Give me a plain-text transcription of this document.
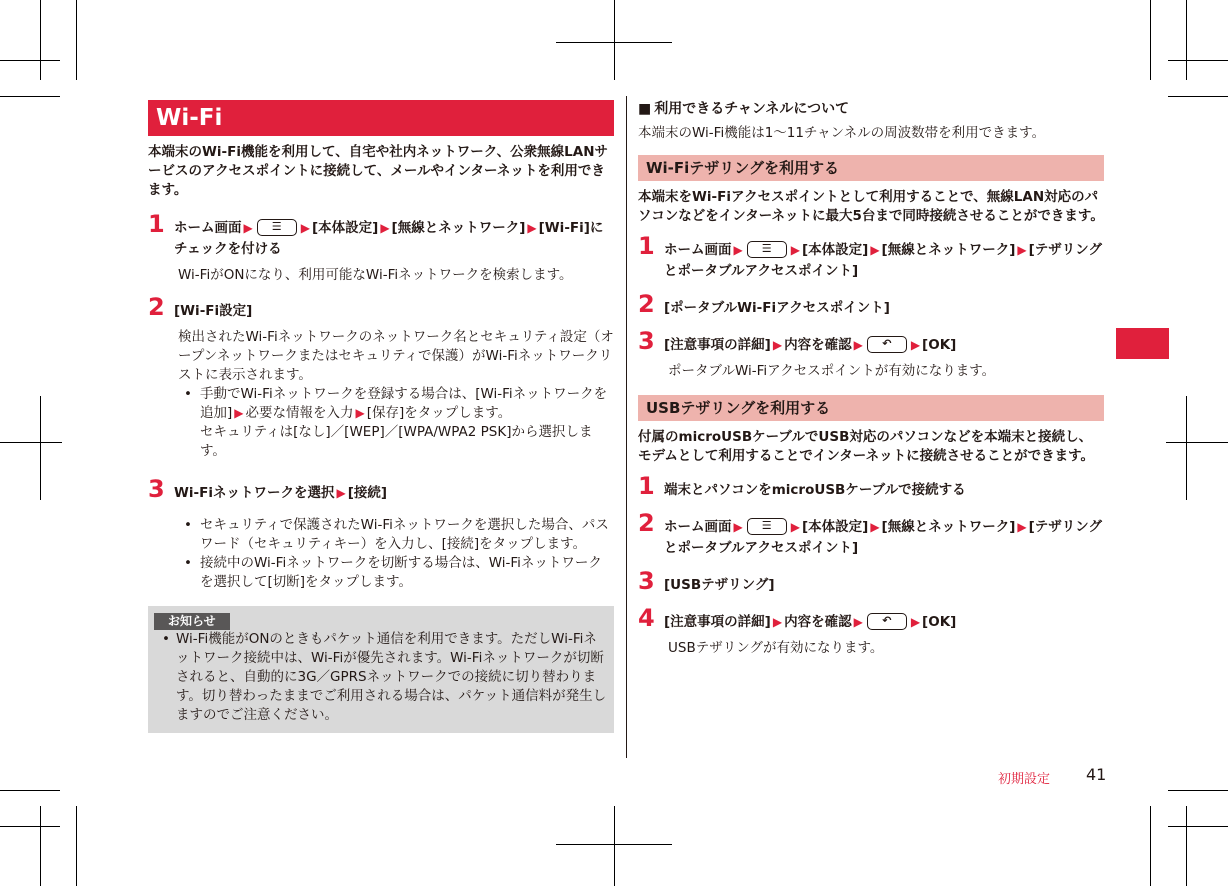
Wi-Fi
本端末のWi-Fi機能を利用して、自宅や社内ネットワーク、公衆無線LANサービスのアクセスポイントに接続して、メールやインターネットを利用できます。
1 ホーム画面 ▶ ☰ ▶ [本体設定] ▶ [無線とネットワーク] ▶ [Wi-Fi]にチェックを付ける
Wi-FiがONになり、利用可能なWi-Fiネットワークを検索します。
2 [Wi-Fi設定]
検出されたWi-Fiネットワークのネットワーク名とセキュリティ設定（オープンネットワークまたはセキュリティで保護）がWi-Fiネットワークリストに表示されます。
• 手動でWi-Fiネットワークを登録する場合は、[Wi-Fiネットワークを追加] ▶ 必要な情報を入力 ▶ [保存]をタップします。
セキュリティは[なし]／[WEP]／[WPA/WPA2 PSK]から選択します。
3 Wi-Fiネットワークを選択 ▶ [接続]
• セキュリティで保護されたWi-Fiネットワークを選択した場合、パスワード（セキュリティキー）を入力し、[接続]をタップします。
• 接続中のWi-Fiネットワークを切断する場合は、Wi-Fiネットワークを選択して[切断]をタップします。
お知らせ
• Wi-Fi機能がONのときもパケット通信を利用できます。ただしWi-Fiネットワーク接続中は、Wi-Fiが優先されます。Wi-Fiネットワークが切断されると、自動的に3G／GPRSネットワークでの接続に切り替わります。切り替わったままでご利用される場合は、パケット通信料が発生しますのでご注意ください。
■ 利用できるチャンネルについて
本端末のWi-Fi機能は1〜11チャンネルの周波数帯を利用できます。
Wi-Fiテザリングを利用する
本端末をWi-Fiアクセスポイントとして利用することで、無線LAN対応のパソコンなどをインターネットに最大5台まで同時接続させることができます。
1 ホーム画面 ▶ ☰ ▶ [本体設定] ▶ [無線とネットワーク] ▶ [テザリングとポータブルアクセスポイント]
2 [ポータブルWi-Fiアクセスポイント]
3 [注意事項の詳細] ▶ 内容を確認 ▶ ↶ ▶ [OK]
ポータブルWi-Fiアクセスポイントが有効になります。
USBテザリングを利用する
付属のmicroUSBケーブルでUSB対応のパソコンなどを本端末と接続し、モデムとして利用することでインターネットに接続させることができます。
1 端末とパソコンをmicroUSBケーブルで接続する
2 ホーム画面 ▶ ☰ ▶ [本体設定] ▶ [無線とネットワーク] ▶ [テザリングとポータブルアクセスポイント]
3 [USBテザリング]
4 [注意事項の詳細] ▶ 内容を確認 ▶ ↶ ▶ [OK]
USBテザリングが有効になります。
初期設定 41
